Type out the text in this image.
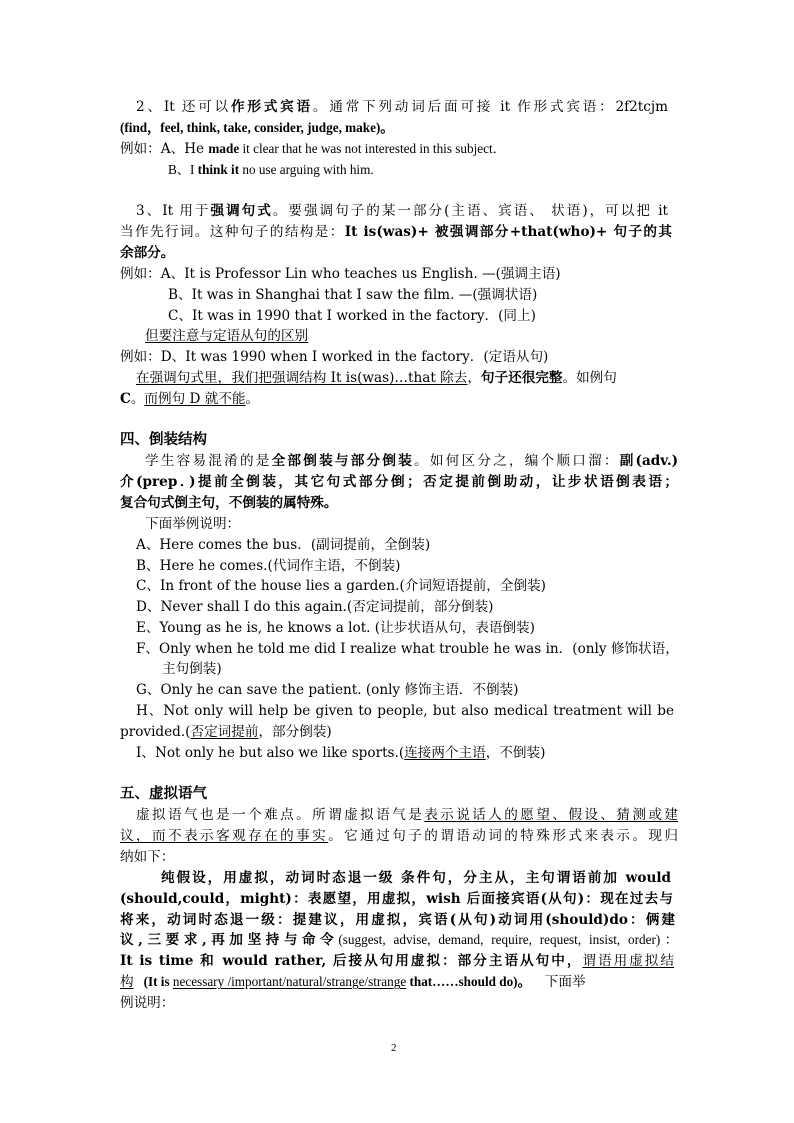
2、It 还可以作形式宾语。通常下列动词后面可接 it 作形式宾语：2f2tcjm
(find，feel, think, take, consider, judge, make)。
例如：A、He made it clear that he was not interested in this subject．
B、I think it no use arguing with him.
3、It 用于强调句式。要强调句子的某一部分(主语、宾语、 状语)，可以把 it
当作先行词。这种句子的结构是：It is(was)+ 被强调部分+that(who)+ 句子的其
余部分。
例如：A、It is Professor Lin who teaches us English. —(强调主语)
B、It was in Shanghai that I saw the film. —(强调状语)
C、It was in 1990 that I worked in the factory．(同上)
但要注意与定语从句的区别
例如：D、It was 1990 when I worked in the factory．(定语从句)
在强调句式里，我们把强调结构 It is(was)…that 除去，句子还很完整。如例句
C。而例句 D 就不能。
四、倒装结构
学生容易混淆的是全部倒装与部分倒装。如何区分之，编个顺口溜：副(adv.)
介(prep．)提前全倒装，其它句式部分倒；否定提前倒助动，让步状语倒表语；
复合句式倒主句，不倒装的属特殊。
下面举例说明：
A、Here comes the bus．(副词提前，全倒装)
B、Here he comes.(代词作主语，不倒装)
C、In front of the house lies a garden.(介词短语提前，全倒装)
D、Never shall I do this again.(否定词提前，部分倒装)
E、Young as he is, he knows a lot. (让步状语从句，表语倒装)
F、Only when he told me did I realize what trouble he was in．(only 修饰状语，
主句倒装)
G、Only he can save the patient. (only 修饰主语．不倒装)
H、Not only will help be given to people, but also medical treatment will be
provided.(否定词提前，部分倒装)
I、Not only he but also we like sports.(连接两个主语，不倒装)
五、虚拟语气
虚拟语气也是一个难点。所谓虚拟语气是表示说话人的愿望、假设、猜测或建
议，而不表示客观存在的事实。它通过句子的谓语动词的特殊形式来表示。现归
纳如下：
纯假设，用虚拟，动词时态退一级 条件句，分主从，主句谓语前加 would
(should,could，might)：表愿望，用虚拟，wish 后面接宾语(从句)：现在过去与
将来，动词时态退一级：提建议，用虚拟，宾语(从句)动词用(should)do：俩建
议,三要求,再加坚持与命令(suggest, advise, demand, require, request, insist, order)：
It is time 和 would rather, 后接从句用虚拟：部分主语从句中，谓语用虚拟结
构 (It is necessary /important/natural/strange/strange that……should do)。 下面举
例说明：
2
